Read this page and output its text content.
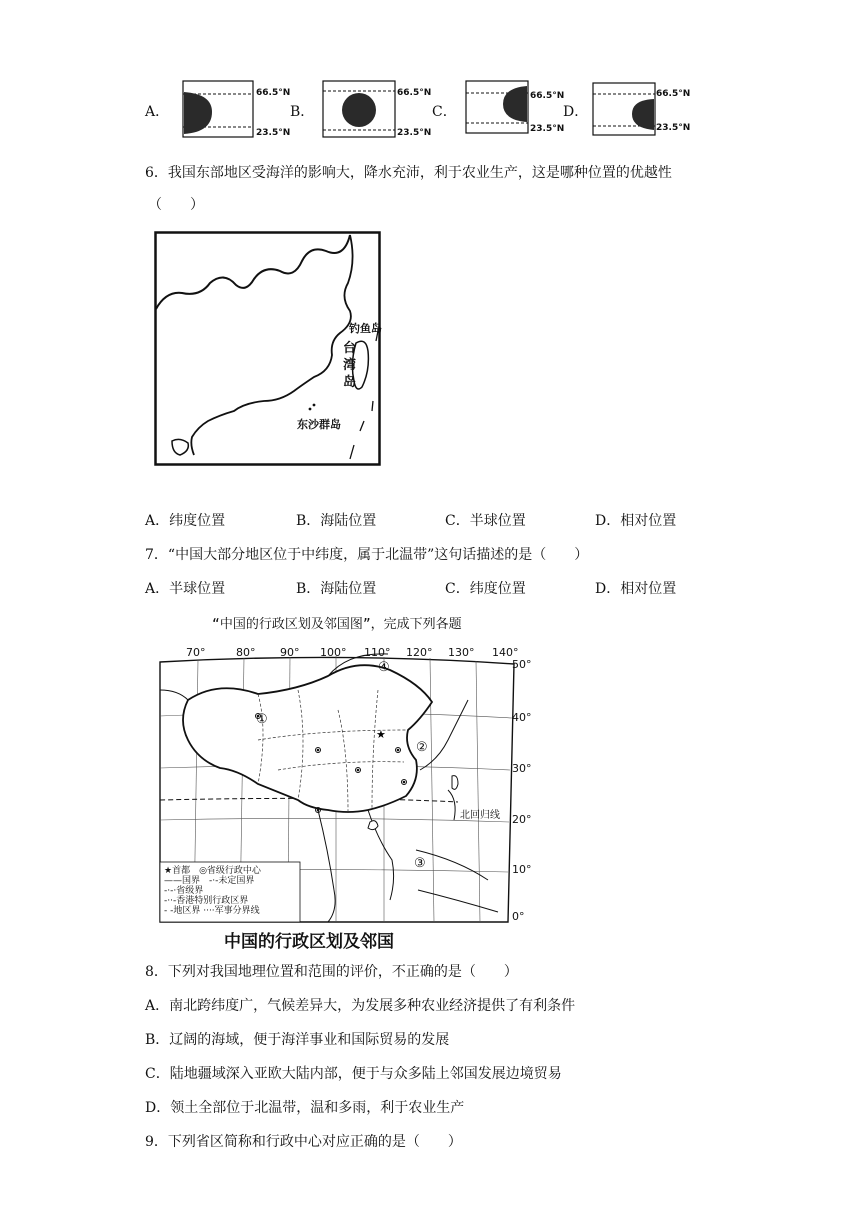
A．
66.5°N
23.5°N
B．
66.5°N
23.5°N
C．
66.5°N
23.5°N
D．
66.5°N
23.5°N
6．我国东部地区受海洋的影响大，降水充沛，利于农业生产，这是哪种位置的优越性
（　　）
钓鱼岛
台湾岛
东沙群岛
A．纬度位置	B．海陆位置	C．半球位置	D．相对位置
7．“中国大部分地区位于中纬度，属于北温带”这句话描述的是（　　）
A．半球位置	B．海陆位置	C．纬度位置	D．相对位置
“中国的行政区划及邻国图”，完成下列各题
★
70°	80° 90° 100° 110° 120° 130° 140°
50°
40°
30°
20°
10°
0°
①
②
③
④
北回归线
★首都　◎省级行政中心
——国界　-·-未定国界
-·-·省级界
-··-香港特别行政区界
- -地区界 ····军事分界线
中国的行政区划及邻国
8．下列对我国地理位置和范围的评价，不正确的是（　　）
A．南北跨纬度广，气候差异大，为发展多种农业经济提供了有利条件
B．辽阔的海域，便于海洋事业和国际贸易的发展
C．陆地疆域深入亚欧大陆内部，便于与众多陆上邻国发展边境贸易
D．领土全部位于北温带，温和多雨，利于农业生产
9．下列省区简称和行政中心对应正确的是（　　）
